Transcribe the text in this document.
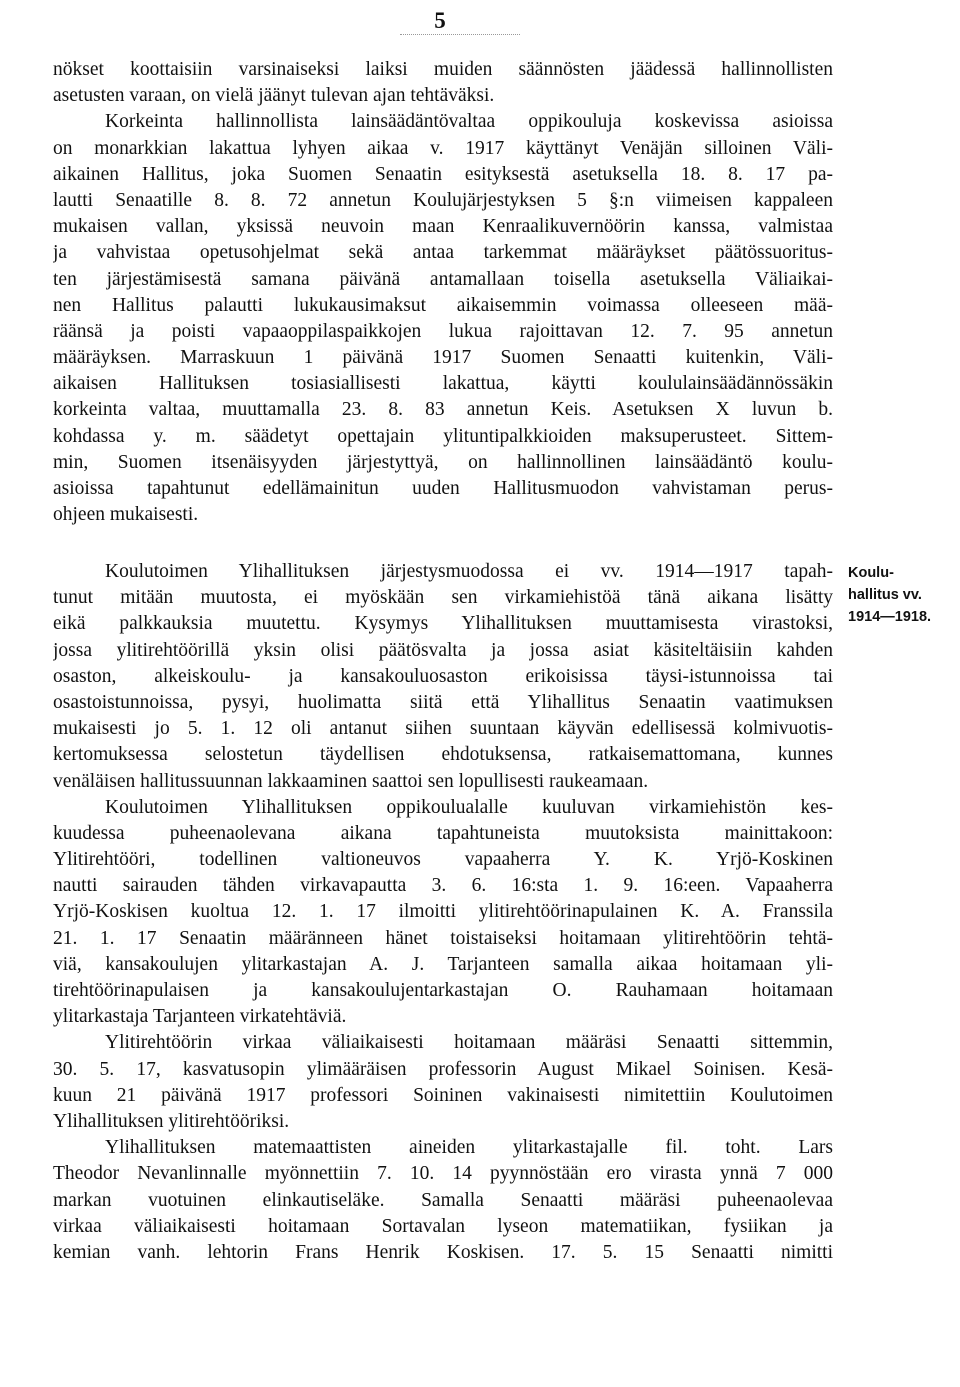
5
nökset koottaisiin varsinaiseksi laiksi muiden säännösten jäädessä hallinnollisten
asetusten varaan, on vielä jäänyt tulevan ajan tehtäväksi.
Korkeinta hallinnollista lainsäädäntövaltaa oppikouluja koskevissa asioissa
on monarkkian lakattua lyhyen aikaa v. 1917 käyttänyt Venäjän silloinen Väli-
aikainen Hallitus, joka Suomen Senaatin esityksestä asetuksella 18. 8. 17 pa-
lautti Senaatille 8. 8. 72 annetun Koulujärjestyksen 5 §:n viimeisen kappaleen
mukaisen vallan, yksissä neuvoin maan Kenraalikuvernöörin kanssa, valmistaa
ja vahvistaa opetusohjelmat sekä antaa tarkemmat määräykset päätössuoritus-
ten järjestämisestä samana päivänä antamallaan toisella asetuksella Väliaikai-
nen Hallitus palautti lukukausimaksut aikaisemmin voimassa olleeseen mää-
räänsä ja poisti vapaaoppilaspaikkojen lukua rajoittavan 12. 7. 95 annetun
määräyksen. Marraskuun 1 päivänä 1917 Suomen Senaatti kuitenkin, Väli-
aikaisen Hallituksen tosiasiallisesti lakattua, käytti koululainsäädännössäkin
korkeinta valtaa, muuttamalla 23. 8. 83 annetun Keis. Asetuksen X luvun b.
kohdassa y. m. säädetyt opettajain ylituntipalkkioiden maksuperusteet. Sittem-
min, Suomen itsenäisyyden järjestyttyä, on hallinnollinen lainsäädäntö koulu-
asioissa tapahtunut edellämainitun uuden Hallitusmuodon vahvistaman perus-
ohjeen mukaisesti.
Koulu-
hallitus vv.
1914—1918.
Koulutoimen Ylihallituksen järjestysmuodossa ei vv. 1914—1917 tapah-
tunut mitään muutosta, ei myöskään sen virkamiehistöä tänä aikana lisätty
eikä palkkauksia muutettu. Kysymys Ylihallituksen muuttamisesta virastoksi,
jossa ylitirehtöörillä yksin olisi päätösvalta ja jossa asiat käsiteltäisiin kahden
osaston, alkeiskoulu- ja kansakouluosaston erikoisissa täysi-istunnoissa tai
osastoistunnoissa, pysyi, huolimatta siitä että Ylihallitus Senaatin vaatimuksen
mukaisesti jo 5. 1. 12 oli antanut siihen suuntaan käyvän edellisessä kolmivuotis-
kertomuksessa selostetun täydellisen ehdotuksensa, ratkaisemattomana, kunnes
venäläisen hallitussuunnan lakkaaminen saattoi sen lopullisesti raukeamaan.
Koulutoimen Ylihallituksen oppikoulualalle kuuluvan virkamiehistön kes-
kuudessa puheenaolevana aikana tapahtuneista muutoksista mainittakoon:
Ylitirehtööri, todellinen valtioneuvos vapaaherra Y. K. Yrjö-Koskinen
nautti sairauden tähden virkavapautta 3. 6. 16:sta 1. 9. 16:een. Vapaaherra
Yrjö-Koskisen kuoltua 12. 1. 17 ilmoitti ylitirehtöörinapulainen K. A. Franssila
21. 1. 17 Senaatin määränneen hänet toistaiseksi hoitamaan ylitirehtöörin tehtä-
viä, kansakoulujen ylitarkastajan A. J. Tarjanteen samalla aikaa hoitamaan yli-
tirehtöörinapulaisen ja kansakoulujentarkastajan O. Rauhamaan hoitamaan
ylitarkastaja Tarjanteen virkatehtäviä.
Ylitirehtöörin virkaa väliaikaisesti hoitamaan määräsi Senaatti sittemmin,
30. 5. 17, kasvatusopin ylimääräisen professorin August Mikael Soinisen. Kesä-
kuun 21 päivänä 1917 professori Soininen vakinaisesti nimitettiin Koulutoimen
Ylihallituksen ylitirehtööriksi.
Ylihallituksen matemaattisten aineiden ylitarkastajalle fil. toht. Lars
Theodor Nevanlinnalle myönnettiin 7. 10. 14 pyynnöstään ero virasta ynnä 7 000
markan vuotuinen elinkautiseläke. Samalla Senaatti määräsi puheenaolevaa
virkaa väliaikaisesti hoitamaan Sortavalan lyseon matematiikan, fysiikan ja
kemian vanh. lehtorin Frans Henrik Koskisen. 17. 5. 15 Senaatti nimitti
